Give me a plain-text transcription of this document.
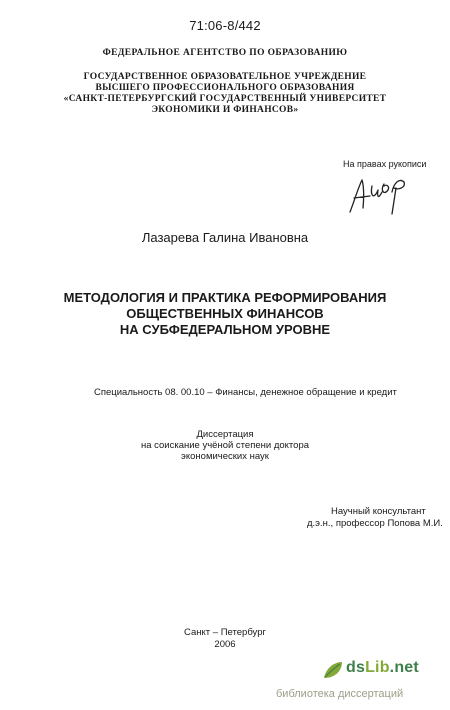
71:06-8/442
ФЕДЕРАЛЬНОЕ АГЕНТСТВО ПО ОБРАЗОВАНИЮ
ГОСУДАРСТВЕННОЕ ОБРАЗОВАТЕЛЬНОЕ УЧРЕЖДЕНИЕ
ВЫСШЕГО ПРОФЕССИОНАЛЬНОГО ОБРАЗОВАНИЯ
«САНКТ-ПЕТЕРБУРГСКИЙ ГОСУДАРСТВЕННЫЙ УНИВЕРСИТЕТ
ЭКОНОМИКИ И ФИНАНСОВ»
На правах рукописи
Лазарева Галина Ивановна
МЕТОДОЛОГИЯ И ПРАКТИКА РЕФОРМИРОВАНИЯ
ОБЩЕСТВЕННЫХ ФИНАНСОВ
НА СУБФЕДЕРАЛЬНОМ УРОВНЕ
Специальность 08. 00.10 – Финансы, денежное обращение и кредит
Диссертация
на соискание учёной степени доктора
экономических наук
Научный консультант
д.э.н., профессор Попова М.И.
Санкт – Петербург
2006
dsLib.net
библиотека диссертаций
